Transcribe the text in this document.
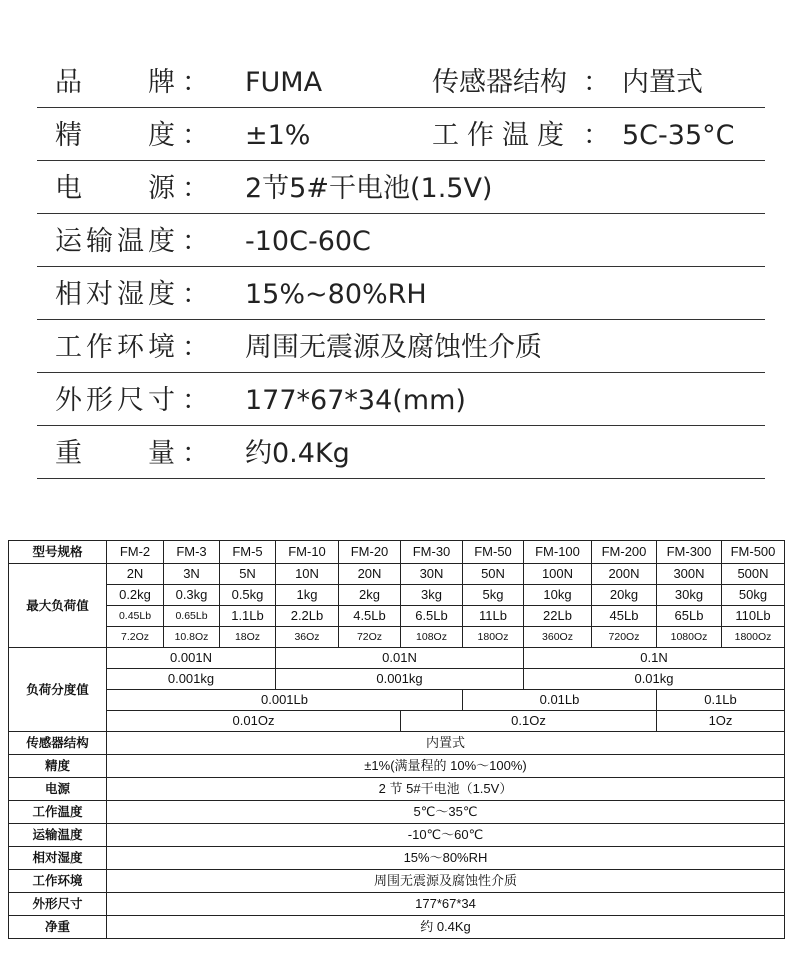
品 牌 ： FUMA	传感器结构 ： 内置式
精 度 ： ±1%	工作温度 ： 5C-35°C
电 源 ： 2节5#干电池(1.5V)
运 输 温 度 ： -10C-60C
相 对 湿 度 ： 15%~80%RH
工 作 环 境 ： 周围无震源及腐蚀性介质
外 形 尺 寸 ： 177*67*34(mm)
重 量 ： 约0.4Kg
型号规格	FM-2	FM-3	FM-5	FM-10	FM-20	FM-30	FM-50	FM-100	FM-200	FM-300	FM-500
最大负荷值	2N	3N	5N	10N	20N	30N	50N	100N	200N	300N	500N
	0.2kg	0.3kg	0.5kg	1kg	2kg	3kg	5kg	10kg	20kg	30kg	50kg
	0.45Lb	0.65Lb	1.1Lb	2.2Lb	4.5Lb	6.5Lb	11Lb	22Lb	45Lb	65Lb	110Lb
	7.2Oz	10.8Oz	18Oz	36Oz	72Oz	108Oz	180Oz	360Oz	720Oz	1080Oz	1800Oz
负荷分度值	0.001N			0.01N				0.1N			
	0.001kg			0.001kg				0.01kg			
	0.001Lb						0.01Lb			0.1Lb	
	0.01Oz					0.1Oz				1Oz	
传感器结构	内置式										
精度	±1%(满量程的 10%～100%)										
电源	2 节 5#干电池（1.5V）										
工作温度	5℃～35℃										
运输温度	-10℃～60℃										
相对湿度	15%～80%RH										
工作环境	周围无震源及腐蚀性介质										
外形尺寸	177*67*34										
净重	约 0.4Kg										
